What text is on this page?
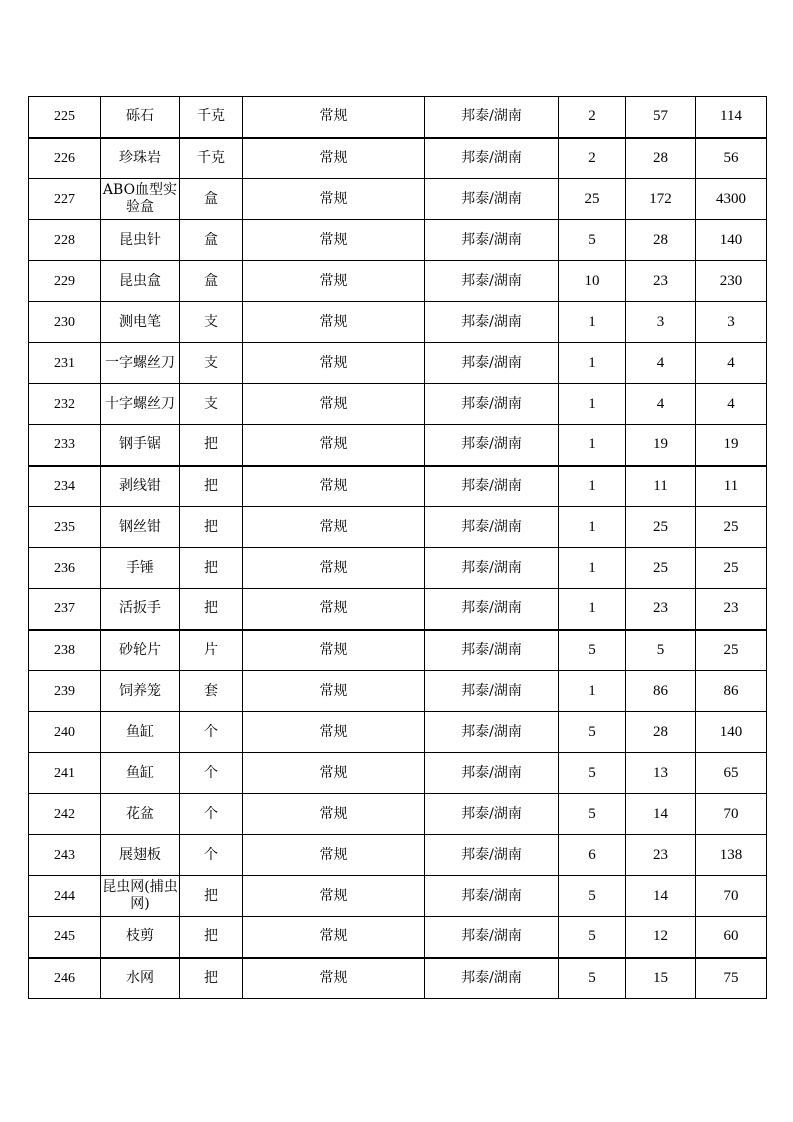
225	砾石	千克	常规	邦泰/湖南	2	57	114
226	珍珠岩	千克	常规	邦泰/湖南	2	28	56
227	ABO血型实验盒	盒	常规	邦泰/湖南	25	172	4300
228	昆虫针	盒	常规	邦泰/湖南	5	28	140
229	昆虫盒	盒	常规	邦泰/湖南	10	23	230
230	测电笔	支	常规	邦泰/湖南	1	3	3
231	一字螺丝刀	支	常规	邦泰/湖南	1	4	4
232	十字螺丝刀	支	常规	邦泰/湖南	1	4	4
233	钢手锯	把	常规	邦泰/湖南	1	19	19
234	剥线钳	把	常规	邦泰/湖南	1	11	11
235	钢丝钳	把	常规	邦泰/湖南	1	25	25
236	手锤	把	常规	邦泰/湖南	1	25	25
237	活扳手	把	常规	邦泰/湖南	1	23	23
238	砂轮片	片	常规	邦泰/湖南	5	5	25
239	饲养笼	套	常规	邦泰/湖南	1	86	86
240	鱼缸	个	常规	邦泰/湖南	5	28	140
241	鱼缸	个	常规	邦泰/湖南	5	13	65
242	花盆	个	常规	邦泰/湖南	5	14	70
243	展翅板	个	常规	邦泰/湖南	6	23	138
244	昆虫网(捕虫网)	把	常规	邦泰/湖南	5	14	70
245	枝剪	把	常规	邦泰/湖南	5	12	60
246	水网	把	常规	邦泰/湖南	5	15	75
